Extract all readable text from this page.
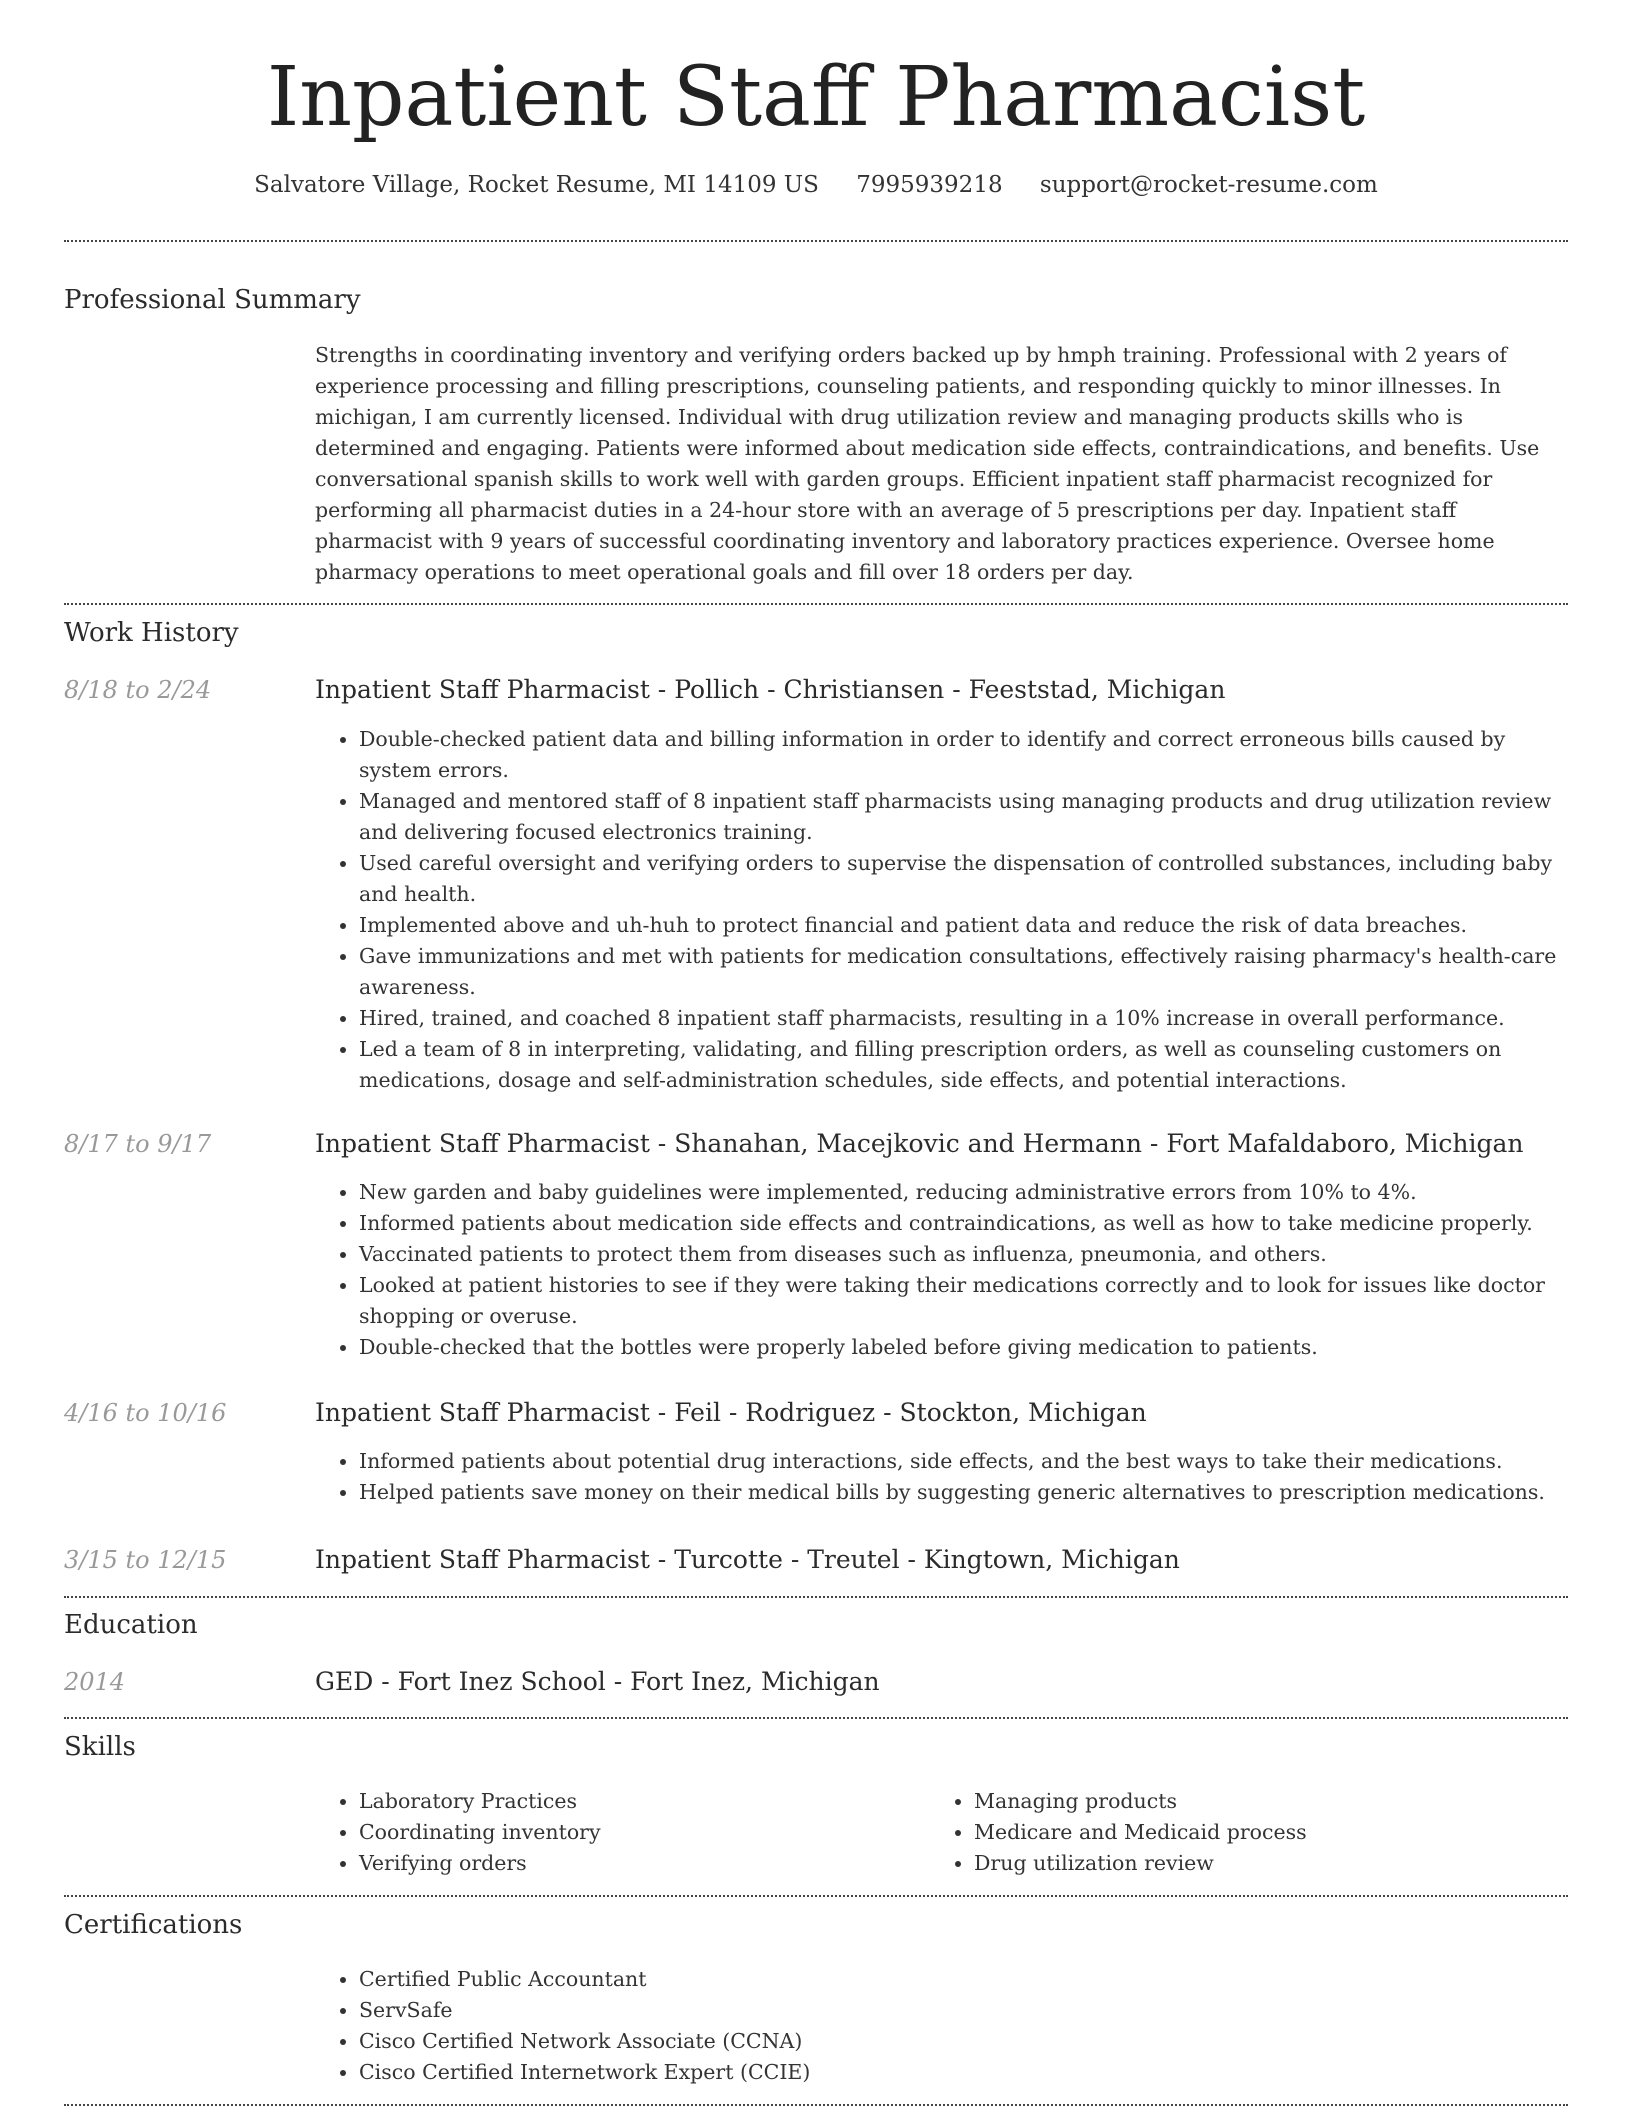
Inpatient Staff Pharmacist
Salvatore Village, Rocket Resume, MI 14109 US 7995939218 support@rocket-resume.com
Professional Summary

Strengths in coordinating inventory and verifying orders backed up by hmph training. Professional with 2 years of experience processing and filling prescriptions, counseling patients, and responding quickly to minor illnesses. In michigan, I am currently licensed. Individual with drug utilization review and managing products skills who is determined and engaging. Patients were informed about medication side effects, contraindications, and benefits. Use conversational spanish skills to work well with garden groups. Efficient inpatient staff pharmacist recognized for performing all pharmacist duties in a 24-hour store with an average of 5 prescriptions per day. Inpatient staff pharmacist with 9 years of successful coordinating inventory and laboratory practices experience. Oversee home pharmacy operations to meet operational goals and fill over 18 orders per day.

Work History
8/18 to 2/24	Inpatient Staff Pharmacist - Pollich - Christiansen - Feeststad, Michigan
• Double-checked patient data and billing information in order to identify and correct erroneous bills caused by system errors.
• Managed and mentored staff of 8 inpatient staff pharmacists using managing products and drug utilization review and delivering focused electronics training.
• Used careful oversight and verifying orders to supervise the dispensation of controlled substances, including baby and health.
• Implemented above and uh-huh to protect financial and patient data and reduce the risk of data breaches.
• Gave immunizations and met with patients for medication consultations, effectively raising pharmacy's health-care awareness.
• Hired, trained, and coached 8 inpatient staff pharmacists, resulting in a 10% increase in overall performance.
• Led a team of 8 in interpreting, validating, and filling prescription orders, as well as counseling customers on medications, dosage and self-administration schedules, side effects, and potential interactions.
8/17 to 9/17	Inpatient Staff Pharmacist - Shanahan, Macejkovic and Hermann - Fort Mafaldaboro, Michigan
• New garden and baby guidelines were implemented, reducing administrative errors from 10% to 4%.
• Informed patients about medication side effects and contraindications, as well as how to take medicine properly.
• Vaccinated patients to protect them from diseases such as influenza, pneumonia, and others.
• Looked at patient histories to see if they were taking their medications correctly and to look for issues like doctor shopping or overuse.
• Double-checked that the bottles were properly labeled before giving medication to patients.
4/16 to 10/16	Inpatient Staff Pharmacist - Feil - Rodriguez - Stockton, Michigan
• Informed patients about potential drug interactions, side effects, and the best ways to take their medications.
• Helped patients save money on their medical bills by suggesting generic alternatives to prescription medications.
3/15 to 12/15	Inpatient Staff Pharmacist - Turcotte - Treutel - Kingtown, Michigan
Education
2014	GED - Fort Inez School - Fort Inez, Michigan
Skills
• Laboratory Practices
• Coordinating inventory
• Verifying orders
• Managing products
• Medicare and Medicaid process
• Drug utilization review
Certifications
• Certified Public Accountant
• ServSafe
• Cisco Certified Network Associate (CCNA)
• Cisco Certified Internetwork Expert (CCIE)
